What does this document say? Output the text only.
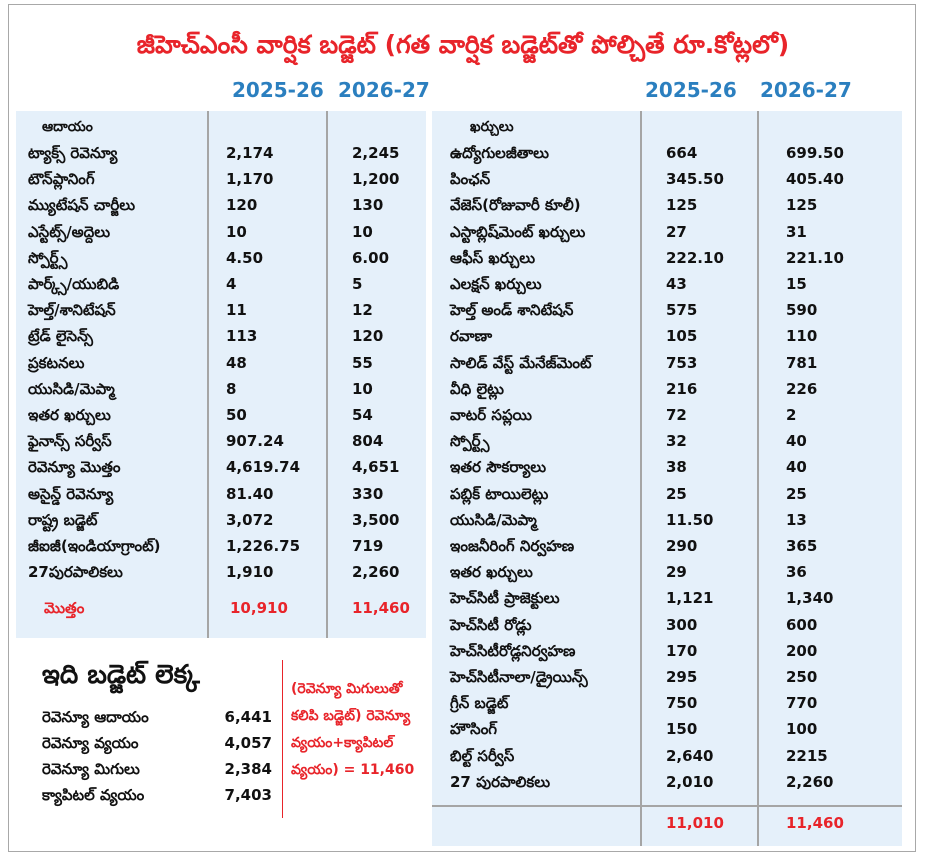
జీహెచ్ఎంసీ వార్షిక బడ్జెట్ (గత వార్షిక బడ్జెట్‌తో పోల్చితే రూ.కోట్లలో)
2025-26 2026-27	2025-26 2026-27
ఆదాయం
ట్యాక్స్ రెవెన్యూ	2,174	2,245
టౌన్‌ప్లానింగ్	1,170	1,200
మ్యుటేషన్ చార్జీలు	120	130
ఎస్టేట్స్/అద్దెలు	10	10
స్పోర్ట్స్	4.50	6.00
పార్క్స్/యుబిడి	4	5
హెల్త్/శానిటేషన్	11	12
ట్రేడ్ లైసెన్స్	113	120
ప్రకటనలు	48	55
యుసిడి/మెప్మా	8	10
ఇతర ఖర్చులు	50	54
ఫైనాన్స్ సర్వీస్	907.24	804
రెవెన్యూ మొత్తం	4,619.74	4,651
అసైన్డ్ రెవెన్యూ	81.40	330
రాష్ట్ర బడ్జెట్	3,072	3,500
జీఐజీ(ఇండియాగ్రాంట్)	1,226.75	719
27పురపాలికలు	1,910	2,260
మొత్తం	10,910	11,460
ఖర్చులు
ఉద్యోగులజీతాలు	664	699.50
పింఛన్	345.50	405.40
వేజెస్(రోజువారీ కూలీ)	125	125
ఎస్టాబ్లిష్‌మెంట్ ఖర్చులు	27	31
ఆఫీస్ ఖర్చులు	222.10	221.10
ఎలక్షన్ ఖర్చులు	43	15
హెల్త్ అండ్ శానిటేషన్	575	590
రవాణా	105	110
సాలిడ్ వేస్ట్ మేనేజ్‌మెంట్	753	781
వీధి లైట్లు	216	226
వాటర్ సప్లయి	72	2
స్పోర్ట్స్	32	40
ఇతర సౌకర్యాలు	38	40
పబ్లిక్ టాయిలెట్లు	25	25
యుసిడి/మెప్మా	11.50	13
ఇంజనీరింగ్ నిర్వహణ	290	365
ఇతర ఖర్చులు	29	36
హెచ్‌సిటీ ప్రాజెక్టులు	1,121	1,340
హెచ్‌సిటీ రోడ్లు	300	600
హెచ్‌సిటీరోడ్లనిర్వహణ	170	200
హెచ్‌సిటీనాలా/డ్రైయిన్స్	295	250
గ్రీన్ బడ్జెట్	750	770
హౌసింగ్	150	100
బిల్ట్ సర్వీస్	2,640	2215
27 పురపాలికలు	2,010	2,260
11,010	11,460
ఇది బడ్జెట్ లెక్క
రెవెన్యూ ఆదాయం	6,441
రెవెన్యూ వ్యయం	4,057
రెవెన్యూ మిగులు	2,384
క్యాపిటల్ వ్యయం	7,403
(రెవెన్యూ మిగులుతో కలిపి బడ్జెట్) రెవెన్యూ వ్యయం+క్యాపిటల్ వ్యయం) = 11,460
